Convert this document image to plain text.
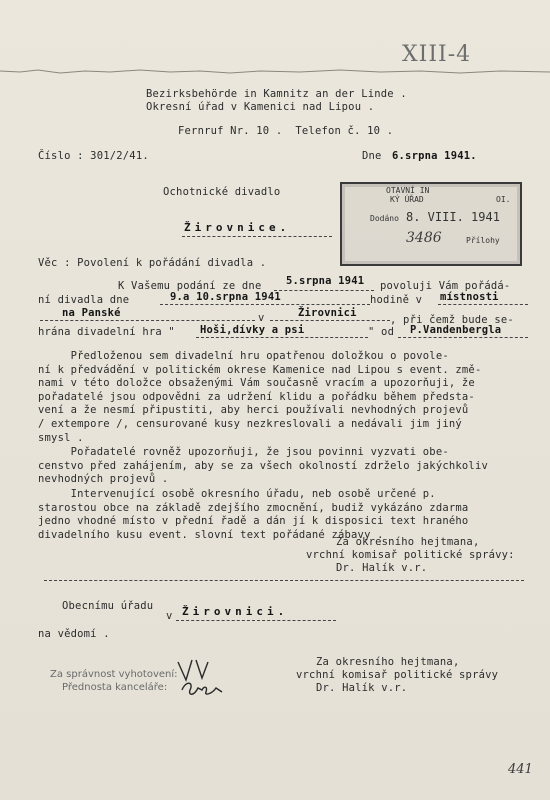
XIII-4
Bezirksbehörde in Kamnitz an der Linde .
Okresní úřad v Kamenici nad Lipou .
Fernruf Nr. 10 .  Telefon č. 10 .
Číslo : 301/2/41.	Dne 6.srpna 1941.
Ochotnické divadlo
Žirovnice.
OTAVNÍ IN
KÝ ÚŘAD	OI.
Dodáno 8. VIII. 1941
3486	Přílohy
Věc : Povolení k pořádání divadla .
K Vašemu podání ze dne 5.srpna 1941 povoluji Vám pořádá-
ní divadla dne	9.a 10.srpna 1941	hodině v místnosti
na Panské	v	Žirovnici
, při čemž bude se-
hrána divadelní hra " Hoši,dívky a psi	" od P.Vandenbergla
Předloženou sem divadelní hru opatřenou doložkou o povole-
ní k předvádění v politickém okrese Kamenice nad Lipou s event. změ-
nami v této doložce obsaženými Vám současně vracím a upozorňuji, že
pořadatelé jsou odpovědni za udržení klidu a pořádku během předsta-
vení a že nesmí připustiti, aby herci používali nevhodných projevů
/ extempore /, censurované kusy nezkreslovali a nedávali jim jiný
smysl .
Pořadatelé rovněž upozorňuji, že jsou povinni vyzvati obe-
censtvo před zahájením, aby se za všech okolností zdrželo jakýchkoliv
nevhodných projevů .
Intervenující osobě okresního úřadu, neb osobě určené p.
starostou obce na základě zdejšího zmocnění, budiž vykázáno zdarma
jedno vhodné místo v přední řadě a dán jí k disposici text hraného
divadelního kusu event. slovní text pořádané zábavy .
Za okresního hejtmana,
vrchní komisař politické správy:
Dr. Halík v.r.
Obecnímu úřadu
v Žirovnici.
na vědomí .
Za správnost vyhotovení:
Přednosta kanceláře:
Za okresního hejtmana,
vrchní komisař politické správy
Dr. Halík v.r.
441
